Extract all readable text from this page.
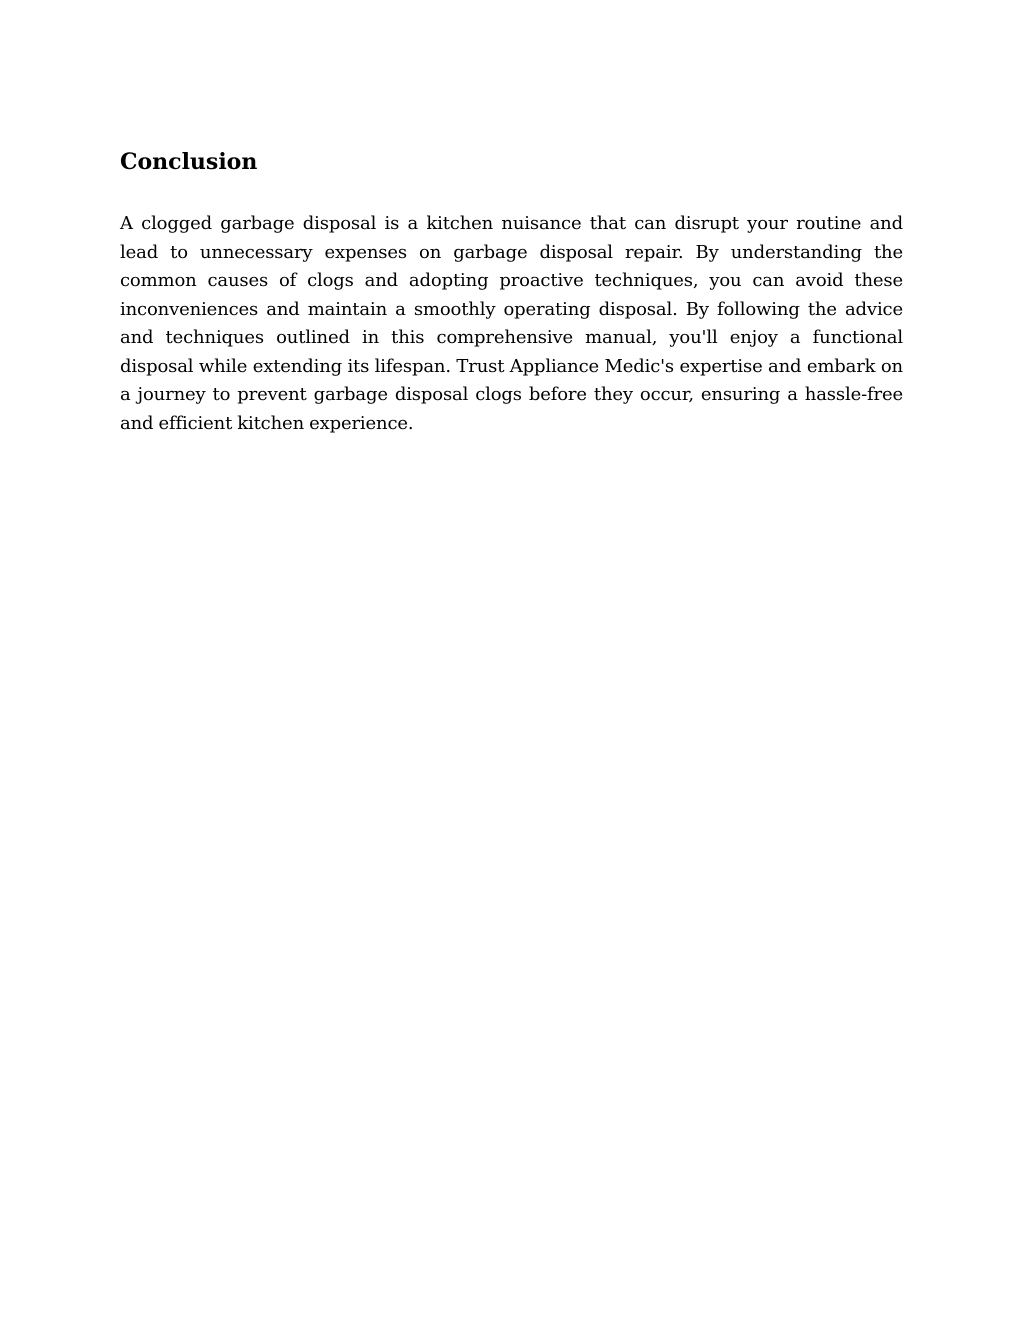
Conclusion

A clogged garbage disposal is a kitchen nuisance that can disrupt your routine and lead to unnecessary expenses on garbage disposal repair. By understanding the common causes of clogs and adopting proactive techniques, you can avoid these inconveniences and maintain a smoothly operating disposal. By following the advice and techniques outlined in this comprehensive manual, you'll enjoy a functional disposal while extending its lifespan. Trust Appliance Medic's expertise and embark on a journey to prevent garbage disposal clogs before they occur, ensuring a hassle-free and efficient kitchen experience.
